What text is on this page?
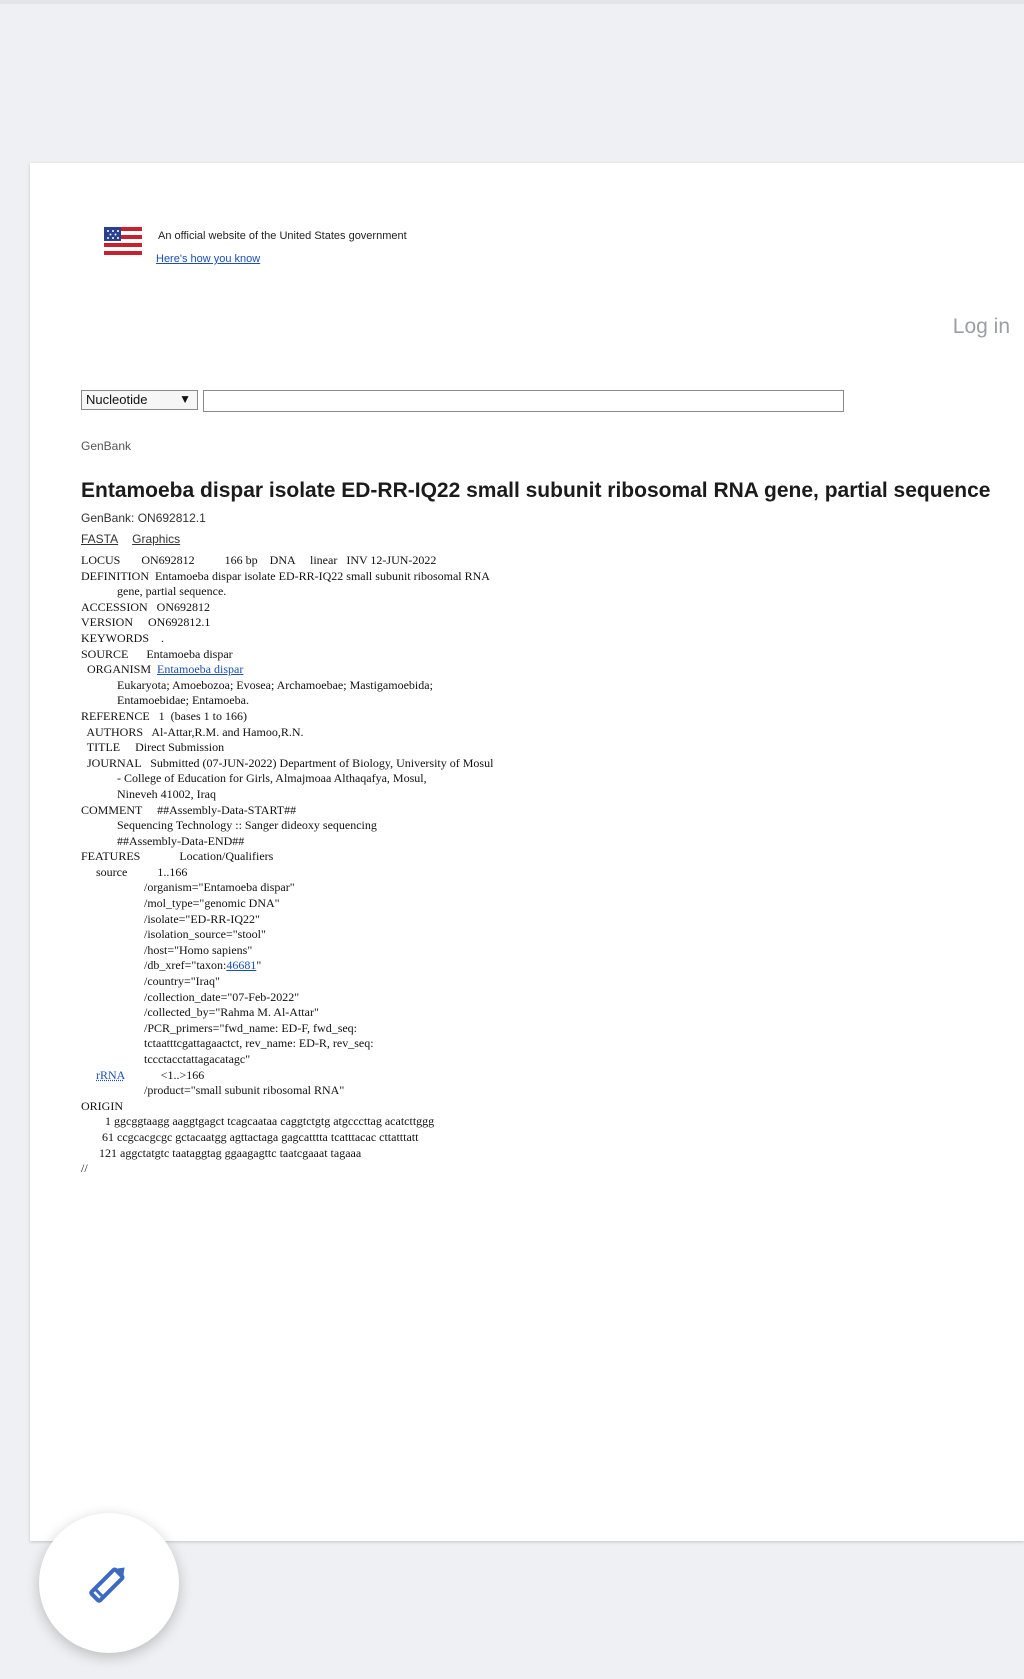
An official website of the United States government
Here's how you know
Log in
Nucleotide	▼
GenBank
Entamoeba dispar isolate ED-RR-IQ22 small subunit ribosomal RNA gene, partial sequence
GenBank: ON692812.1
FASTA Graphics
LOCUS       ON692812          166 bp    DNA     linear   INV 12-JUN-2022
DEFINITION  Entamoeba dispar isolate ED-RR-IQ22 small subunit ribosomal RNA
gene, partial sequence.
ACCESSION   ON692812
VERSION     ON692812.1
KEYWORDS    .
SOURCE      Entamoeba dispar
ORGANISM  Entamoeba dispar
Eukaryota; Amoebozoa; Evosea; Archamoebae; Mastigamoebida;
Entamoebidae; Entamoeba.
REFERENCE   1  (bases 1 to 166)
AUTHORS   Al-Attar,R.M. and Hamoo,R.N.
TITLE     Direct Submission
JOURNAL   Submitted (07-JUN-2022) Department of Biology, University of Mosul
- College of Education for Girls, Almajmoaa Althaqafya, Mosul,
Nineveh 41002, Iraq
COMMENT     ##Assembly-Data-START##
Sequencing Technology :: Sanger dideoxy sequencing
##Assembly-Data-END##
FEATURES             Location/Qualifiers
source          1..166
/organism="Entamoeba dispar"
/mol_type="genomic DNA"
/isolate="ED-RR-IQ22"
/isolation_source="stool"
/host="Homo sapiens"
/db_xref="taxon:46681"
/country="Iraq"
/collection_date="07-Feb-2022"
/collected_by="Rahma M. Al-Attar"
/PCR_primers="fwd_name: ED-F, fwd_seq:
tctaatttcgattagaactct, rev_name: ED-R, rev_seq:
tccctacctattagacatagc"
rRNA	<1..>166
/product="small subunit ribosomal RNA"
ORIGIN
1 ggcggtaagg aaggtgagct tcagcaataa caggtctgtg atgcccttag acatcttggg
61 ccgcacgcgc gctacaatgg agttactaga gagcatttta tcatttacac cttatttatt
121 aggctatgtc taataggtag ggaagagttc taatcgaaat tagaaa
//
